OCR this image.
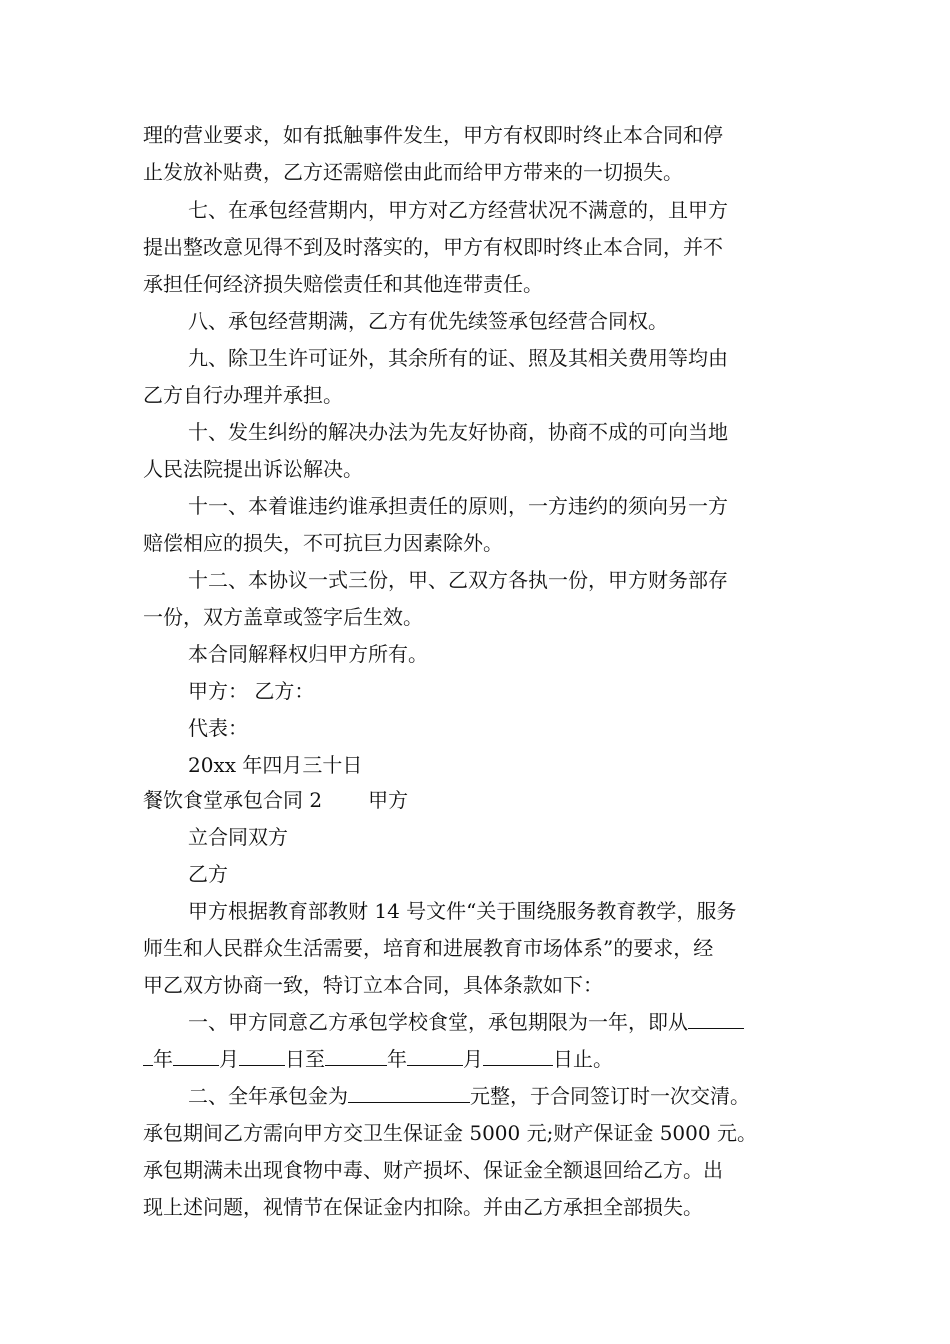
理的营业要求，如有抵触事件发生，甲方有权即时终止本合同和停
止发放补贴费，乙方还需赔偿由此而给甲方带来的一切损失。
七、在承包经营期内，甲方对乙方经营状况不满意的，且甲方
提出整改意见得不到及时落实的，甲方有权即时终止本合同，并不
承担任何经济损失赔偿责任和其他连带责任。
八、承包经营期满，乙方有优先续签承包经营合同权。
九、除卫生许可证外，其余所有的证、照及其相关费用等均由
乙方自行办理并承担。
十、发生纠纷的解决办法为先友好协商，协商不成的可向当地
人民法院提出诉讼解决。
十一、本着谁违约谁承担责任的原则，一方违约的须向另一方
赔偿相应的损失，不可抗巨力因素除外。
十二、本协议一式三份，甲、乙双方各执一份，甲方财务部存
一份，双方盖章或签字后生效。
本合同解释权归甲方所有。
甲方： 乙方：
代表：
20xx 年四月三十日
餐饮食堂承包合同 2 甲方
立合同双方
乙方
甲方根据教育部教财 14 号文件“关于围绕服务教育教学，服务
师生和人民群众生活需要，培育和进展教育市场体系”的要求，经
甲乙双方协商一致，特订立本合同，具体条款如下：
一、甲方同意乙方承包学校食堂，承包期限为一年，即从
年 月 日至	年	月	日止。
二、全年承包金为	元整，于合同签订时一次交清。
承包期间乙方需向甲方交卫生保证金 5000 元;财产保证金 5000 元。
承包期满未出现食物中毒、财产损坏、保证金全额退回给乙方。出
现上述问题，视情节在保证金内扣除。并由乙方承担全部损失。
